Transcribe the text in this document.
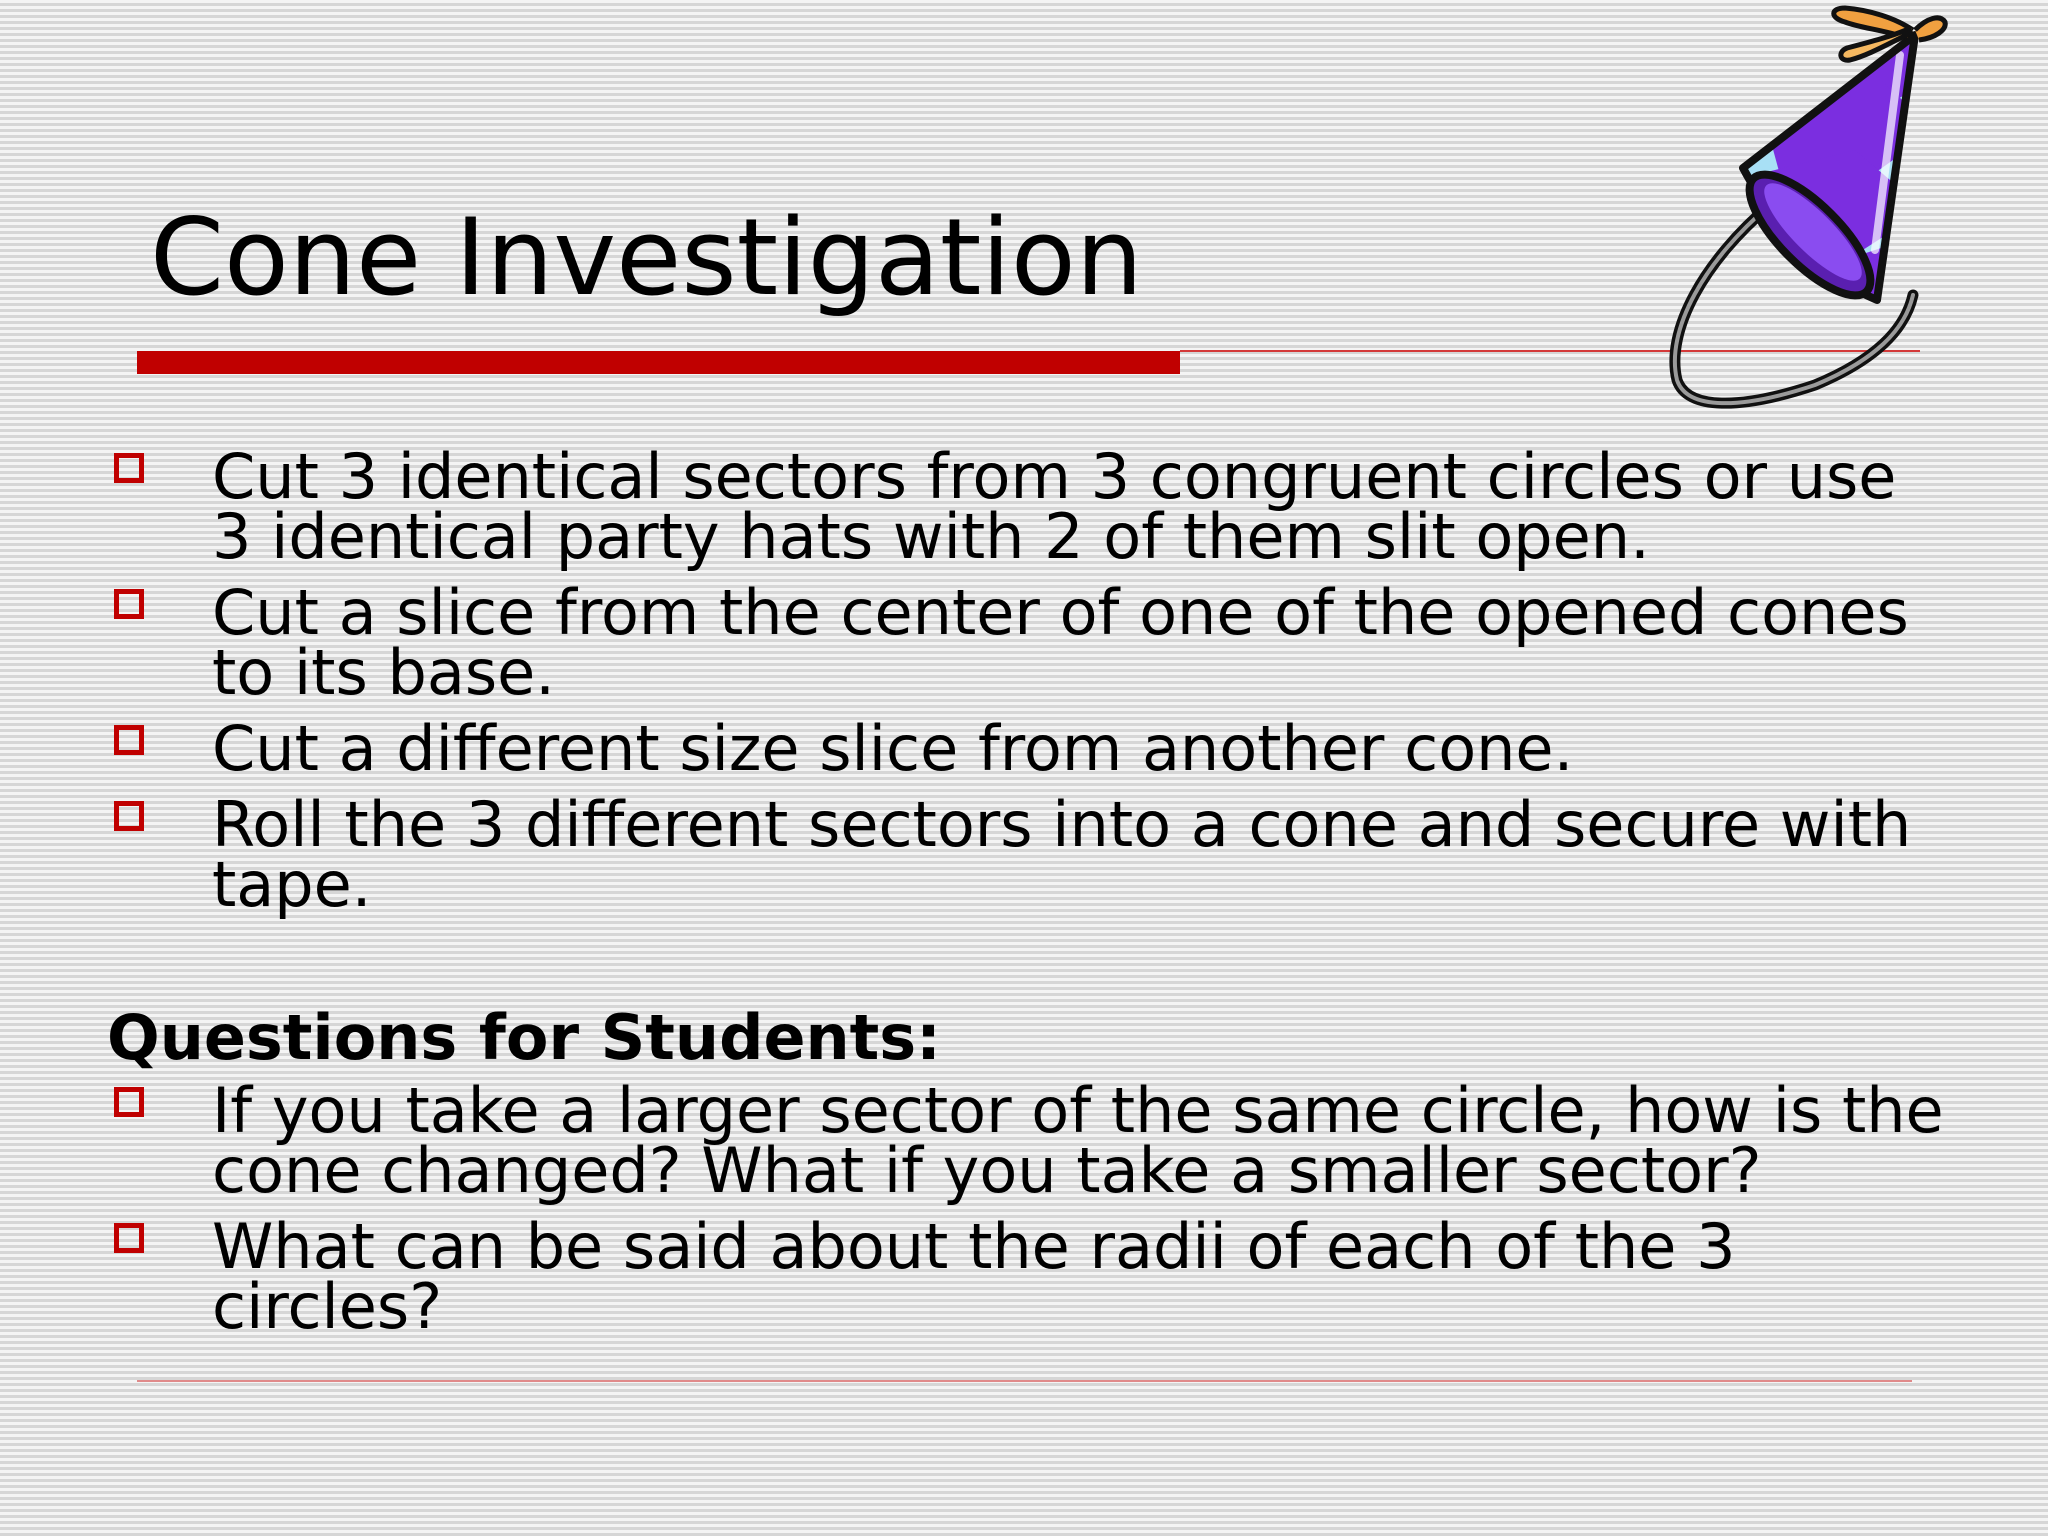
Cone Investigation

Cut 3 identical sectors from 3 congruent circles or use 3 identical party hats with 2 of them slit open.

Cut a slice from the center of one of the opened cones to its base.

Cut a different size slice from another cone.

Roll the 3 different sectors into a cone and secure with tape.

Questions for Students:

If you take a larger sector of the same circle, how is the cone changed? What if you take a smaller sector?

What can be said about the radii of each of the 3 circles?
